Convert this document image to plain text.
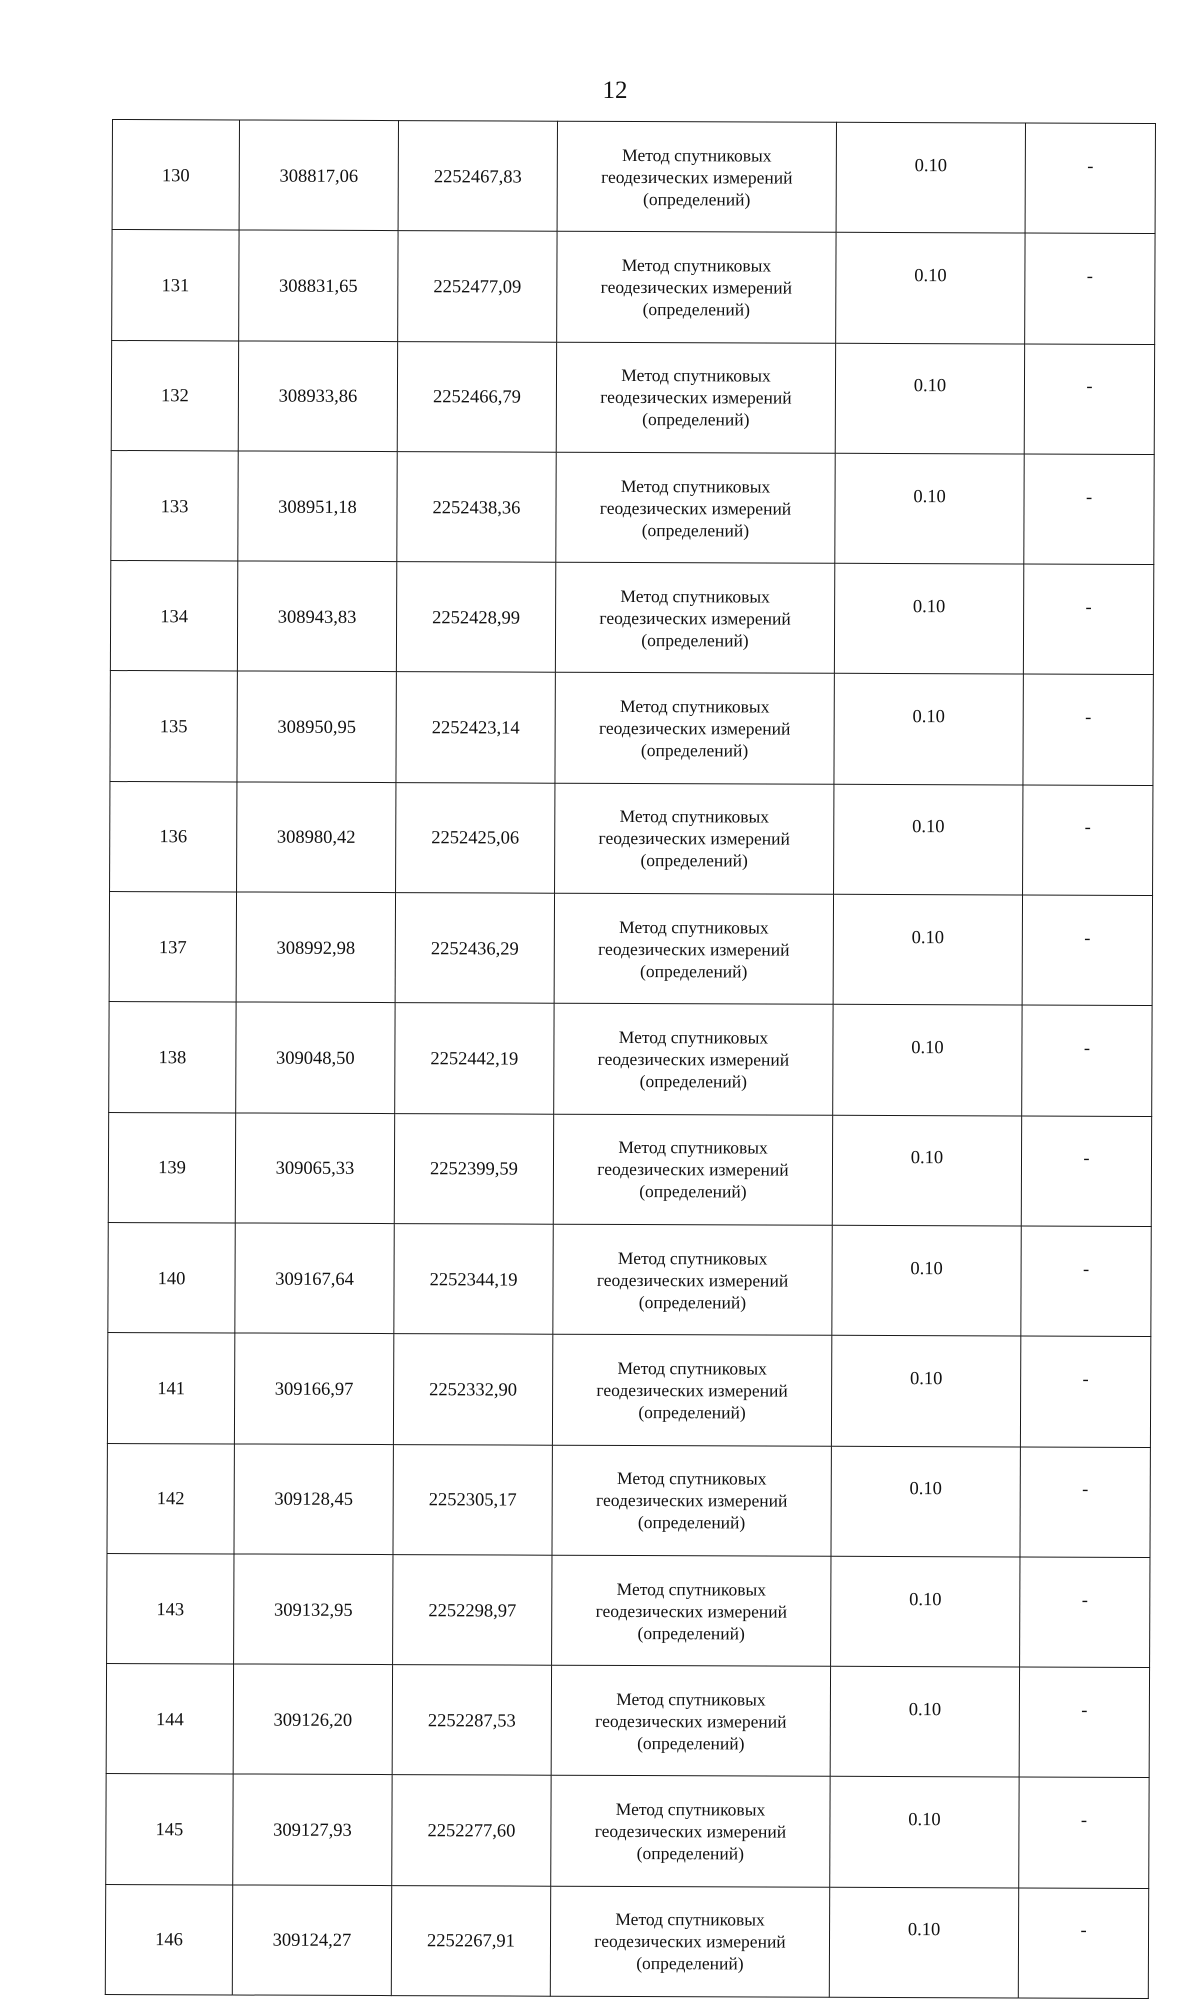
12
130	308817,06	2252467,83	Метод спутниковых
геодезических измерений
(определений)	0.10	-
131	308831,65	2252477,09	Метод спутниковых
геодезических измерений
(определений)	0.10	-
132	308933,86	2252466,79	Метод спутниковых
геодезических измерений
(определений)	0.10	-
133	308951,18	2252438,36	Метод спутниковых
геодезических измерений
(определений)	0.10	-
134	308943,83	2252428,99	Метод спутниковых
геодезических измерений
(определений)	0.10	-
135	308950,95	2252423,14	Метод спутниковых
геодезических измерений
(определений)	0.10	-
136	308980,42	2252425,06	Метод спутниковых
геодезических измерений
(определений)	0.10	-
137	308992,98	2252436,29	Метод спутниковых
геодезических измерений
(определений)	0.10	-
138	309048,50	2252442,19	Метод спутниковых
геодезических измерений
(определений)	0.10	-
139	309065,33	2252399,59	Метод спутниковых
геодезических измерений
(определений)	0.10	-
140	309167,64	2252344,19	Метод спутниковых
геодезических измерений
(определений)	0.10	-
141	309166,97	2252332,90	Метод спутниковых
геодезических измерений
(определений)	0.10	-
142	309128,45	2252305,17	Метод спутниковых
геодезических измерений
(определений)	0.10	-
143	309132,95	2252298,97	Метод спутниковых
геодезических измерений
(определений)	0.10	-
144	309126,20	2252287,53	Метод спутниковых
геодезических измерений
(определений)	0.10	-
145	309127,93	2252277,60	Метод спутниковых
геодезических измерений
(определений)	0.10	-
146	309124,27	2252267,91	Метод спутниковых
геодезических измерений
(определений)	0.10	-
